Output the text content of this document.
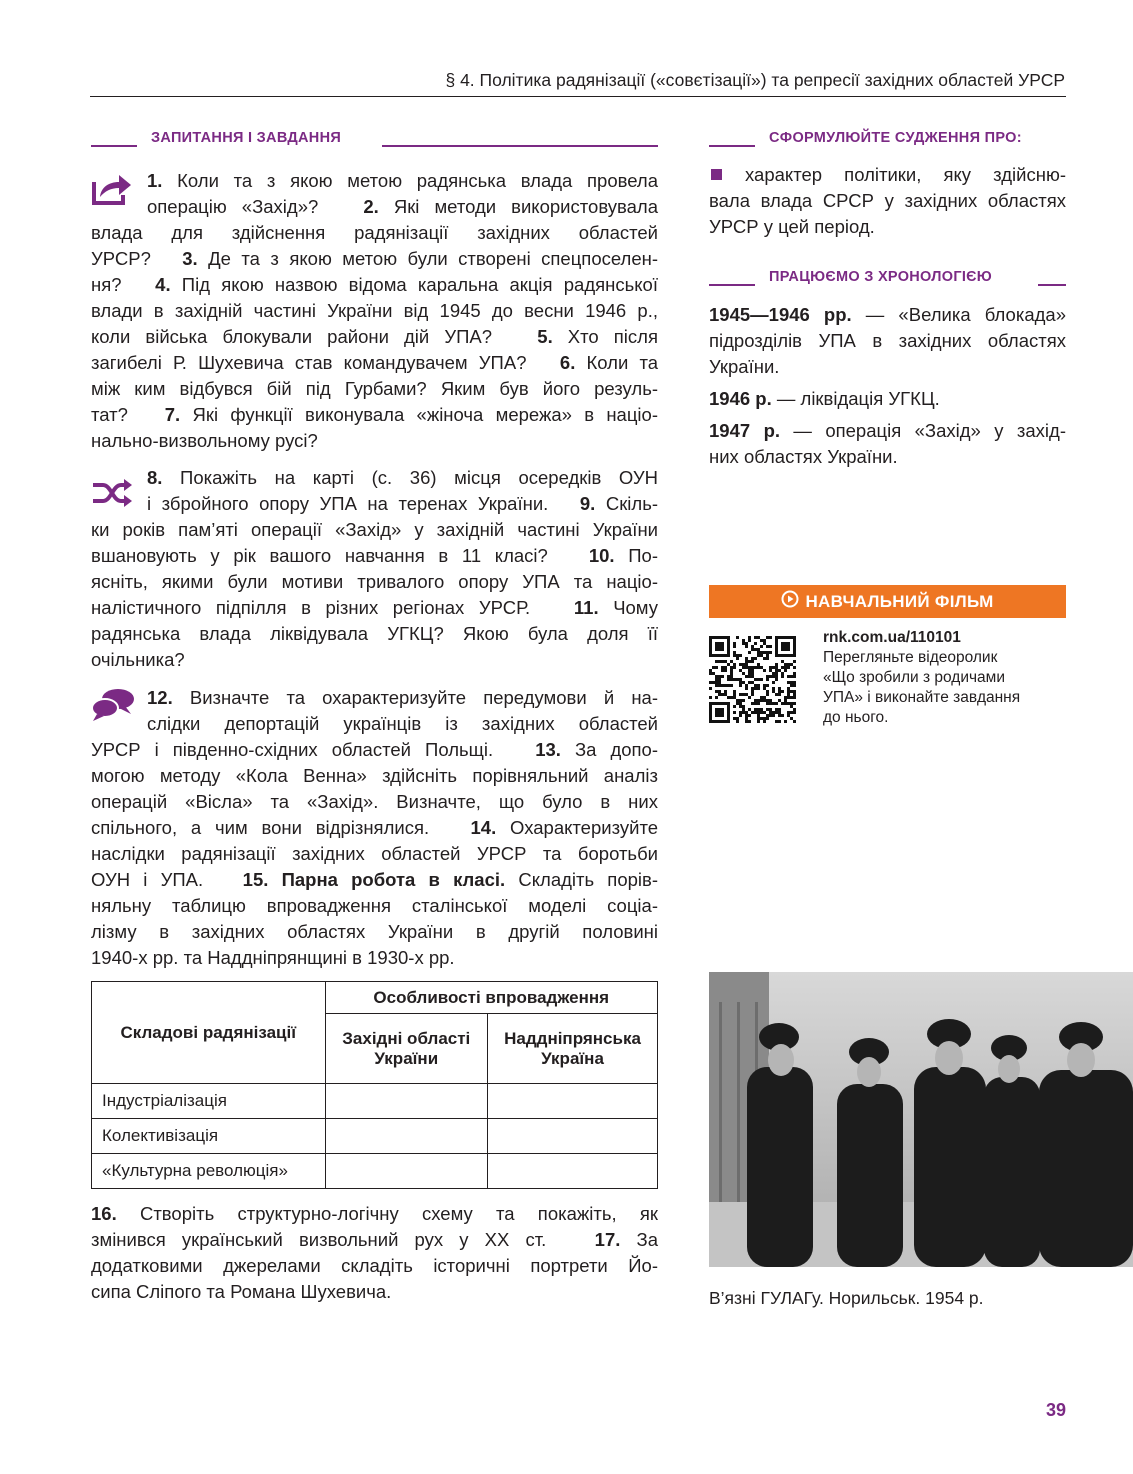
§ 4. Політика радянізації («совєтізації») та репресії західних областей УРСР
ЗАПИТАННЯ І ЗАВДАННЯ
1. Коли та з якою метою радянська влада провела
операцію «Захід»?   2. Які методи використовувала
влада для здійснення радянізації західних областей
УРСР?   3. Де та з якою метою були створені спецпоселен-
ня?   4. Під якою назвою відома каральна акція радянської
влади в західній частині України від 1945 до весни 1946 р.,
коли війська блокували райони дій УПА?   5. Хто після
загибелі Р. Шухевича став командувачем УПА?   6. Коли та
між ким відбувся бій під Гурбами? Яким був його резуль-
тат?   7. Які функції виконувала «жіноча мережа» в націо-
нально-визвольному русі?
8. Покажіть на карті (с. 36) місця осередків ОУН
і збройного опору УПА на теренах України.   9. Скіль-
ки років пам’яті операції «Захід» у західній частині України
вшановують у рік вашого навчання в 11 класі?   10. По-
ясніть, якими були мотиви тривалого опору УПА та націо-
налістичного підпілля в різних регіонах УРСР.   11. Чому
радянська влада ліквідувала УГКЦ? Якою була доля її
очільника?
12. Визначте та охарактеризуйте передумови й на-
слідки депортацій українців із західних областей
УРСР і південно-східних областей Польщі.   13. За допо-
могою методу «Кола Венна» здійсніть порівняльний аналіз
операцій «Вісла» та «Захід». Визначте, що було в них
спільного, а чим вони відрізнялися.   14. Охарактеризуйте
наслідки радянізації західних областей УРСР та боротьби
ОУН і УПА.   15. Парна робота в класі. Складіть порів-
няльну таблицю впровадження сталінської моделі соціа-
лізму в західних областях України в другій половині
1940-х рр. та Наддніпрянщині в 1930-х рр.
Складові радянізації	Особливості впровадження	
	Західні області України	Наддніпрянська Україна
Індустріалізація		
Колективізація		
«Культурна революція»		
16. Створіть структурно-логічну схему та покажіть, як
змінився український визвольний рух у ХХ ст.   17. За
додатковими джерелами складіть історичні портрети Йо-
сипа Сліпого та Романа Шухевича.
СФОРМУЛЮЙТЕ СУДЖЕННЯ ПРО:
характер політики, яку здійсню-
вала влада СРСР у західних областях
УРСР у цей період.
ПРАЦЮЄМО З ХРОНОЛОГІЄЮ
1945—1946 рр. — «Велика блокада»
підрозділів УПА в західних областях
України.
1946 р. — ліквідація УГКЦ.
1947 р. — операція «Захід» у захід-
них областях України.
НАВЧАЛЬНИЙ ФІЛЬМ
rnk.com.ua/110101
Перегляньте відеоролик
«Що зробили з родичами
УПА» і виконайте завдання
до нього.
В’язні ГУЛАГу. Норильськ. 1954 р.
39
